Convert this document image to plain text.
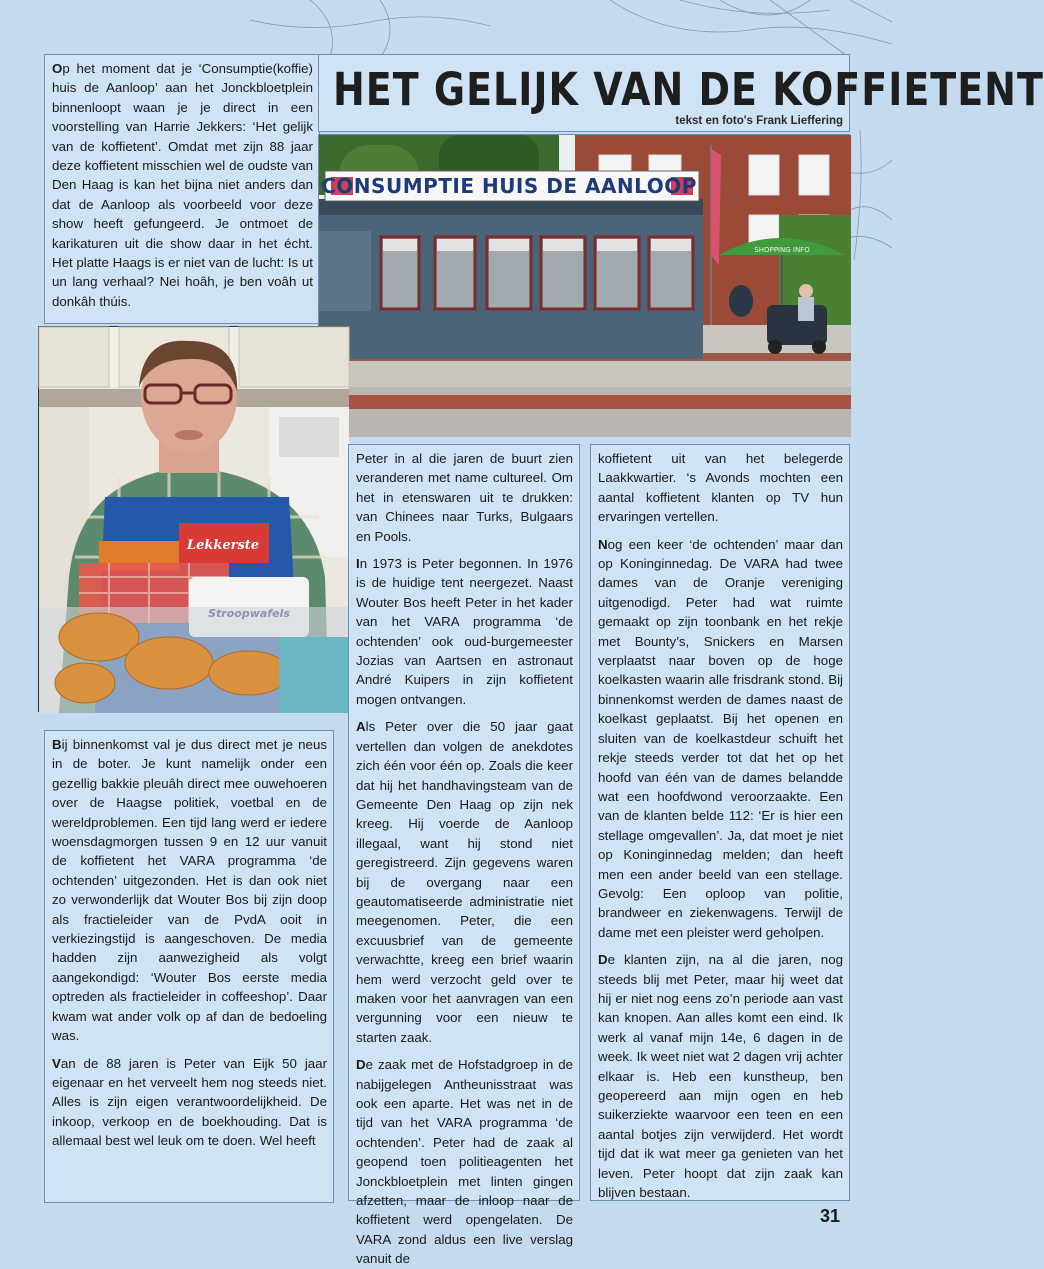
Op het moment dat je ‘Consumptie(koffie) huis de Aanloop’ aan het Jonckbloetplein binnenloopt waan je je direct in een voorstelling van Harrie Jekkers: ‘Het gelijk van de koffietent’. Omdat met zijn 88 jaar deze koffietent misschien wel de oudste van Den Haag is kan het bijna niet anders dan dat de Aanloop als voorbeeld voor deze show heeft gefungeerd. Je ontmoet de karikaturen uit die show daar in het écht. Het platte Haags is er niet van de lucht: Is ut un lang verhaal? Nei hoâh, je ben voâh ut donkâh thúis.

HET GELIJK VAN DE KOFFIETENT
tekst en foto's Frank Lieffering
CONSUMPTIE HUIS DE AANLOOP
SHOPPING INFO
Lekkerste

Bij binnenkomst val je dus direct met je neus in de boter. Je kunt namelijk onder een gezellig bakkie pleuâh direct mee ouwehoeren over de Haagse politiek, voetbal en de wereldproblemen. Een tijd lang werd er iedere woensdagmorgen tussen 9 en 12 uur vanuit de koffietent het VARA programma ‘de ochtenden’ uitgezonden. Het is dan ook niet zo verwonderlijk dat Wouter Bos bij zijn doop als fractieleider van de PvdA ooit in verkiezingstijd is aangeschoven. De media hadden zijn aanwezigheid als volgt aangekondigd: ‘Wouter Bos eerste media optreden als fractieleider in coffeeshop’. Daar kwam wat ander volk op af dan de bedoeling was.

Van de 88 jaren is Peter van Eijk 50 jaar eigenaar en het verveelt hem nog steeds niet. Alles is zijn eigen verantwoordelijkheid. De inkoop, verkoop en de boekhouding. Dat is allemaal best wel leuk om te doen. Wel heeft

Peter in al die jaren de buurt zien veranderen met name cultureel. Om het in etenswaren uit te drukken: van Chinees naar Turks, Bulgaars en Pools.

In 1973 is Peter begonnen. In 1976 is de huidige tent neergezet. Naast Wouter Bos heeft Peter in het kader van het VARA programma ‘de ochtenden’ ook oud-burgemeester Jozias van Aartsen en astronaut André Kuipers in zijn koffietent mogen ontvangen.

Als Peter over die 50 jaar gaat vertellen dan volgen de anekdotes zich één voor één op. Zoals die keer dat hij het handhavingsteam van de Gemeente Den Haag op zijn nek kreeg. Hij voerde de Aanloop illegaal, want hij stond niet geregistreerd. Zijn gegevens waren bij de overgang naar een geautomatiseerde administratie niet meegenomen. Peter, die een excuusbrief van de gemeente verwachtte, kreeg een brief waarin hem werd verzocht geld over te maken voor het aanvragen van een vergunning voor een nieuw te starten zaak.

De zaak met de Hofstadgroep in de nabijgelegen Antheunisstraat was ook een aparte. Het was net in de tijd van het VARA programma ‘de ochtenden’. Peter had de zaak al geopend toen politieagenten het Jonckbloetplein met linten gingen afzetten, maar de inloop naar de koffietent werd opengelaten. De VARA zond aldus een live verslag vanuit de

koffietent uit van het belegerde Laakkwartier. ‘s Avonds mochten een aantal koffietent klanten op TV hun ervaringen vertellen.

Nog een keer ‘de ochtenden’ maar dan op Koninginnedag. De VARA had twee dames van de Oranje vereniging uitgenodigd. Peter had wat ruimte gemaakt op zijn toonbank en het rekje met Bounty’s, Snickers en Marsen verplaatst naar boven op de hoge koelkasten waarin alle frisdrank stond. Bij binnenkomst werden de dames naast de koelkast geplaatst. Bij het openen en sluiten van de koelkastdeur schuift het rekje steeds verder tot dat het op het hoofd van één van de dames belandde wat een hoofdwond veroorzaakte. Een van de klanten belde 112: ‘Er is hier een stellage omgevallen’. Ja, dat moet je niet op Koninginnedag melden; dan heeft men een ander beeld van een stellage. Gevolg: Een oploop van politie, brandweer en ziekenwagens. Terwijl de dame met een pleister werd geholpen.

De klanten zijn, na al die jaren, nog steeds blij met Peter, maar hij weet dat hij er niet nog eens zo’n periode aan vast kan knopen. Aan alles komt een eind. Ik werk al vanaf mijn 14e, 6 dagen in de week. Ik weet niet wat 2 dagen vrij achter elkaar is. Heb een kunstheup, ben geopereerd aan mijn ogen en heb suikerziekte waarvoor een teen en een aantal botjes zijn verwijderd. Het wordt tijd dat ik wat meer ga genieten van het leven. Peter hoopt dat zijn zaak kan blijven bestaan.

31
